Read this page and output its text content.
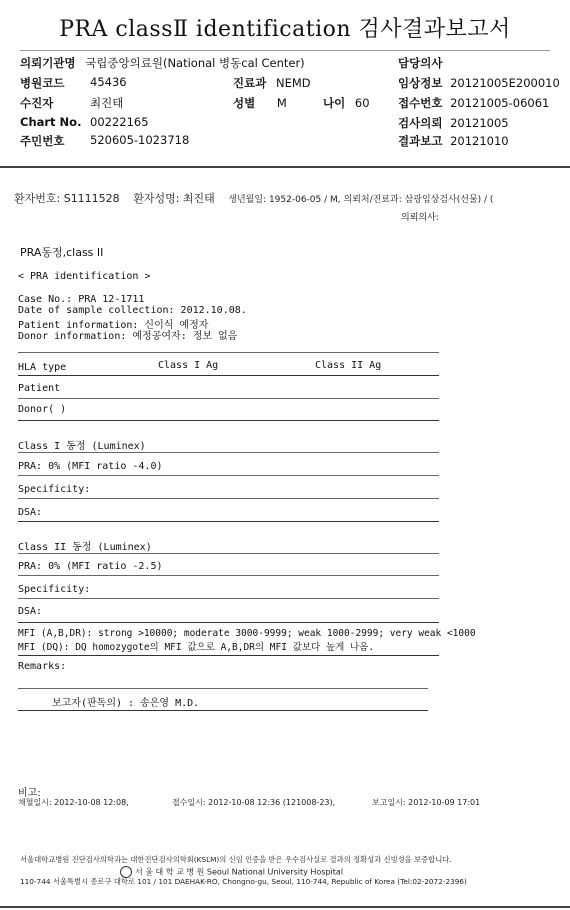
PRA classⅡ identification 검사결과보고서
의뢰기관명 국립중앙의료원(National 병동cal Center)	담당의사
병원코드 45436	진료과 NEMD	임상정보 20121005E200010
수진자	최진태	성별 M	나이 60 접수번호 20121005-06061
Chart No. 00222165	검사의뢰 20121005
주민번호 520605-1023718	결과보고 20121010
환자번호: S1111528 환자성명: 최진태 생년월일: 1952-06-05 / M, 의뢰처/진료과: 삼광임상검사(선물) / (
의뢰의사:
PRA동정,class II
< PRA identification >
Case No.: PRA 12-1711
Date of sample collection: 2012.10.08.
Patient information: 신이식 예정자
Donor information: 예정공여자: 정보 없음
HLA type	Class I Ag	Class II Ag
Patient
Donor( )
Class I 동정 (Luminex)
PRA: 0% (MFI ratio -4.0)
Specificity:
DSA:
Class II 동정 (Luminex)
PRA: 0% (MFI ratio -2.5)
Specificity:
DSA:
MFI (A,B,DR): strong >10000; moderate 3000-9999; weak 1000-2999; very weak <1000
MFI (DQ): DQ homozygote의 MFI 값으로 A,B,DR의 MFI 값보다 높게 나옴.
Remarks:
보고자(판독의) : 송은영 M.D.
비고:
채혈일시: 2012-10-08 12:08,	접수일시: 2012-10-08 12:36 (121008-23),	보고일시: 2012-10-09 17:01
서울대학교병원 진단검사의학과는 대한진단검사의학회(KSLM)의 신임 인증을 받은 우수검사실로 결과의 정확성과 신빙성을 보증합니다.
서 울 대 학 교 병 원 Seoul National University Hospital
110-744 서울특별시 종로구 대학로 101 / 101 DAEHAK-RO, Chongno-gu, Seoul, 110-744, Republic of Korea (Tel:02-2072-2396)
